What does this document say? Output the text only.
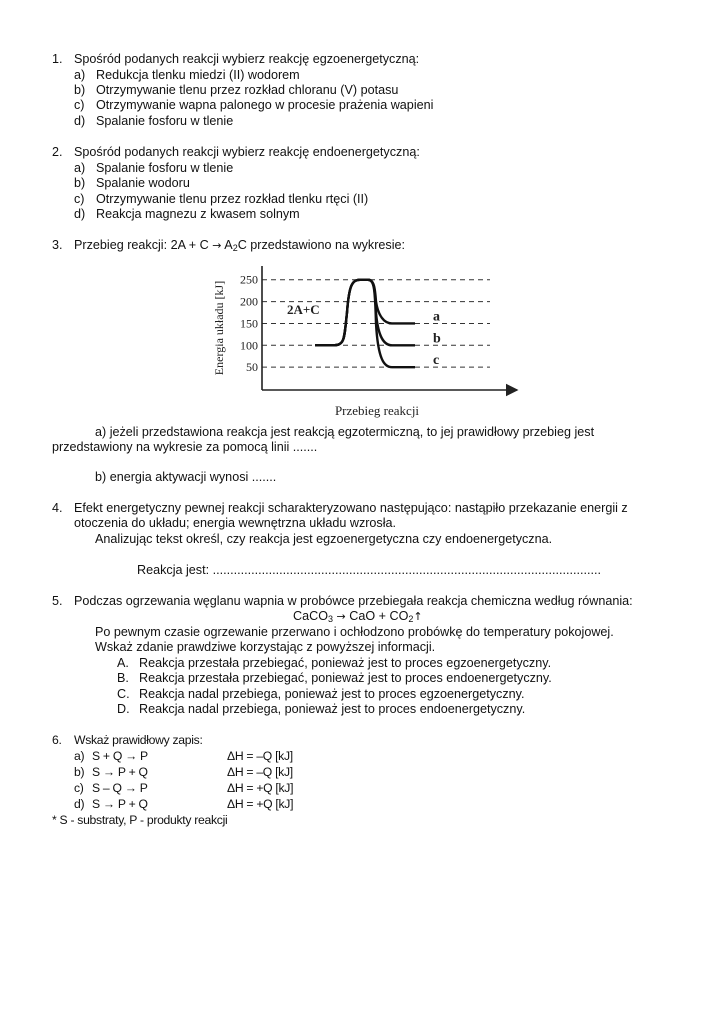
1. Spośród podanych reakcji wybierz reakcję egzoenergetyczną:
a) Redukcja tlenku miedzi (II) wodorem
b) Otrzymywanie tlenu przez rozkład chloranu (V) potasu
c) Otrzymywanie wapna palonego w procesie prażenia wapieni
d) Spalanie fosforu w tlenie
2. Spośród podanych reakcji wybierz reakcję endoenergetyczną:
a) Spalanie fosforu w tlenie
b) Spalanie wodoru
c) Otrzymywanie tlenu przez rozkład tlenku rtęci (II)
d) Reakcja magnezu z kwasem solnym
3. Przebieg reakcji: $2A + C \to A_2C$ przedstawiono na wykresie:
50
100
150
200
250
a
b
c
2A+C
Energia układu [kJ]
Przebieg reakcji
a) jeżeli przedstawiona reakcja jest reakcją egzotermiczną, to jej prawidłowy przebieg jest
przedstawiony na wykresie za pomocą linii .......
b) energia aktywacji wynosi .......
4. Efekt energetyczny pewnej reakcji scharakteryzowano następująco: nastąpiło przekazanie energii z
otoczenia do układu; energia wewnętrzna układu wzrosła.
Analizując tekst określ, czy reakcja jest egzoenergetyczna czy endoenergetyczna.
Reakcja jest: ...............................................................................................................
5. Podczas ogrzewania węglanu wapnia w probówce przebiegała reakcja chemiczna według równania:
CaCO$_3$ → CaO + $CO_2↑$
Po pewnym czasie ogrzewanie przerwano i ochłodzono probówkę do temperatury pokojowej.
Wskaż zdanie prawdziwe korzystając z powyższej informacji.
A. Reakcja przestała przebiegać, ponieważ jest to proces egzoenergetyczny.
B. Reakcja przestała przebiegać, ponieważ jest to proces endoenergetyczny.
C. Reakcja nadal przebiega, ponieważ jest to proces egzoenergetyczny.
D. Reakcja nadal przebiega, ponieważ jest to proces endoenergetyczny.
6. Wskaż prawidłowy zapis:
a) S + Q → P	ΔH = –Q [kJ]
b) S → P + Q	ΔH = –Q [kJ]
c) S – Q → P	ΔH = +Q [kJ]
d) S → P + Q	ΔH = +Q [kJ]
* S - substraty, P - produkty reakcji
